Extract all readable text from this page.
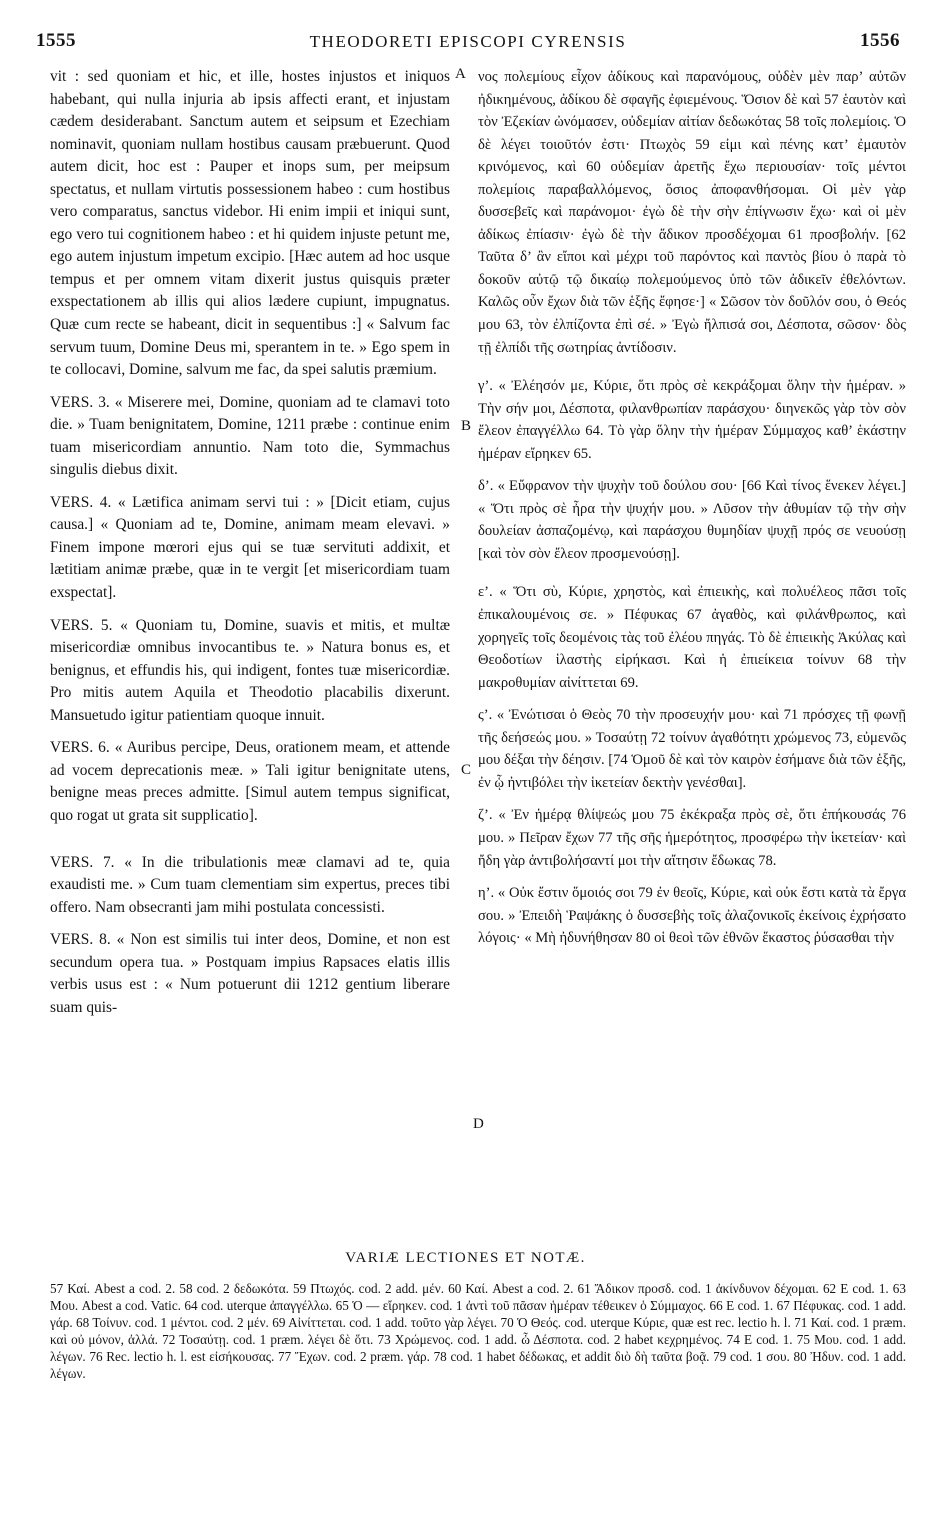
1555	THEODORETI EPISCOPI CYRENSIS	1556

vit : sed quoniam et hic, et ille, hostes injustos et iniquos habebant, qui nulla injuria ab ipsis affecti erant, et injustam cædem desiderabant. Sanctum autem et seipsum et Ezechiam nominavit, quoniam nullam hostibus causam præbuerunt. Quod autem dicit, hoc est : Pauper et inops sum, per meipsum spectatus, et nullam virtutis possessionem habeo : cum hostibus vero comparatus, sanctus videbor. Hi enim impii et iniqui sunt, ego vero tui cognitionem habeo : et hi quidem injuste petunt me, ego autem injustum impetum excipio. [Hæc autem ad hoc usque tempus et per omnem vitam dixerit justus quisquis præter exspectationem ab illis qui alios lædere cupiunt, impugnatus. Quæ cum recte se habeant, dicit in sequentibus :] « Salvum fac servum tuum, Domine Deus mi, sperantem in te. » Ego spem in te collocavi, Domine, salvum me fac, da spei salutis præmium.

VERS. 3. « Miserere mei, Domine, quoniam ad te clamavi toto die. » Tuam benignitatem, Domine, 1211 præbe : continue enim tuam misericordiam annuntio. Nam toto die, Symmachus singulis diebus dixit.

VERS. 4. « Lætifica animam servi tui : » [Dicit etiam, cujus causa.] « Quoniam ad te, Domine, animam meam elevavi. » Finem impone mœrori ejus qui se tuæ servituti addixit, et lætitiam animæ præbe, quæ in te vergit [et misericordiam tuam exspectat].

VERS. 5. « Quoniam tu, Domine, suavis et mitis, et multæ misericordiæ omnibus invocantibus te. » Natura bonus es, et benignus, et effundis his, qui indigent, fontes tuæ misericordiæ. Pro mitis autem Aquila et Theodotio placabilis dixerunt. Mansuetudo igitur patientiam quoque innuit.

VERS. 6. « Auribus percipe, Deus, orationem meam, et attende ad vocem deprecationis meæ. » Tali igitur benignitate utens, benigne meas preces admitte. [Simul autem tempus significat, quo rogat ut grata sit supplicatio].

VERS. 7. « In die tribulationis meæ clamavi ad te, quia exaudisti me. » Cum tuam clementiam sim expertus, preces tibi offero. Nam obsecranti jam mihi postulata concessisti.

VERS. 8. « Non est similis tui inter deos, Domine, et non est secundum opera tua. » Postquam impius Rapsaces elatis illis verbis usus est : « Num potuerunt dii 1212 gentium liberare suam quis-

A
B
C
D

νος πολεμίους εἶχον ἀδίκους καὶ παρανόμους, οὐδὲν μὲν παρ’ αὐτῶν ἠδικημένους, ἀδίκου δὲ σφαγῆς ἐφιεμένους. Ὅσιον δὲ καὶ 57 ἑαυτὸν καὶ τὸν Ἐζεκίαν ὠνόμασεν, οὐδεμίαν αἰτίαν δεδωκότας 58 τοῖς πολεμίοις. Ὁ δὲ λέγει τοιοῦτόν ἐστι· Πτωχὸς 59 εἰμι καὶ πένης κατ’ ἐμαυτὸν κρινόμενος, καὶ 60 οὐδεμίαν ἀρετῆς ἔχω περιουσίαν· τοῖς μέντοι πολεμίοις παραβαλλόμενος, ὅσιος ἀποφανθήσομαι. Οἱ μὲν γὰρ δυσσεβεῖς καὶ παράνομοι· ἐγὼ δὲ τὴν σὴν ἐπίγνωσιν ἔχω· καὶ οἱ μὲν ἀδίκως ἐπίασιν· ἐγὼ δὲ τὴν ἄδικον προσδέχομαι 61 προσβολήν. [62 Ταῦτα δ’ ἂν εἴποι καὶ μέχρι τοῦ παρόντος καὶ παντὸς βίου ὁ παρὰ τὸ δοκοῦν αὐτῷ τῷ δικαίῳ πολεμούμενος ὑπὸ τῶν ἀδικεῖν ἐθελόντων. Καλῶς οὖν ἔχων διὰ τῶν ἑξῆς ἔφησε·] « Σῶσον τὸν δοῦλόν σου, ὁ Θεός μου 63, τὸν ἐλπίζοντα ἐπὶ σέ. » Ἐγὼ ἤλπισά σοι, Δέσποτα, σῶσον· δὸς τῇ ἐλπίδι τῆς σωτηρίας ἀντίδοσιν.

γ’. « Ἐλέησόν με, Κύριε, ὅτι πρὸς σὲ κεκράξομαι ὅλην τὴν ἡμέραν. » Τὴν σήν μοι, Δέσποτα, φιλανθρωπίαν παράσχου· διηνεκῶς γὰρ τὸν σὸν ἔλεον ἐπαγγέλλω 64. Τὸ γὰρ ὅλην τὴν ἡμέραν Σύμμαχος καθ’ ἑκάστην ἡμέραν εἴρηκεν 65.

δ’. « Εὔφρανον τὴν ψυχὴν τοῦ δούλου σου· [66 Καὶ τίνος ἕνεκεν λέγει.] « Ὅτι πρὸς σὲ ἦρα τὴν ψυχήν μου. » Λῦσον τὴν ἀθυμίαν τῷ τὴν σὴν δουλείαν ἀσπαζομένῳ, καὶ παράσχου θυμηδίαν ψυχῇ πρός σε νευούσῃ [καὶ τὸν σὸν ἔλεον προσμενούσῃ].

ε’. « Ὅτι σὺ, Κύριε, χρηστὸς, καὶ ἐπιεικὴς, καὶ πολυέλεος πᾶσι τοῖς ἐπικαλουμένοις σε. » Πέφυκας 67 ἀγαθὸς, καὶ φιλάνθρωπος, καὶ χορηγεῖς τοῖς δεομένοις τὰς τοῦ ἐλέου πηγάς. Τὸ δὲ ἐπιεικὴς Ἀκύλας καὶ Θεοδοτίων ἱλαστὴς εἰρήκασι. Καὶ ἡ ἐπιείκεια τοίνυν 68 τὴν μακροθυμίαν αἰνίττεται 69.

ς’. « Ἐνώτισαι ὁ Θεὸς 70 τὴν προσευχήν μου· καὶ 71 πρόσχες τῇ φωνῇ τῆς δεήσεώς μου. » Τοσαύτῃ 72 τοίνυν ἀγαθότητι χρώμενος 73, εὐμενῶς μου δέξαι τὴν δέησιν. [74 Ὁμοῦ δὲ καὶ τὸν καιρὸν ἐσήμανε διὰ τῶν ἑξῆς, ἐν ᾧ ἠντιβόλει τὴν ἱκετείαν δεκτὴν γενέσθαι].

ζ’. « Ἐν ἡμέρᾳ θλίψεώς μου 75 ἐκέκραξα πρὸς σὲ, ὅτι ἐπήκουσάς 76 μου. » Πεῖραν ἔχων 77 τῆς σῆς ἡμερότητος, προσφέρω τὴν ἱκετείαν· καὶ ἤδη γὰρ ἀντιβολήσαντί μοι τὴν αἴτησιν ἔδωκας 78.

η’. « Οὐκ ἔστιν ὅμοιός σοι 79 ἐν θεοῖς, Κύριε, καὶ οὐκ ἔστι κατὰ τὰ ἔργα σου. » Ἐπειδὴ Ῥαψάκης ὁ δυσσεβὴς τοῖς ἀλαζονικοῖς ἐκείνοις ἐχρήσατο λόγοις· « Μὴ ἠδυνήθησαν 80 οἱ θεοὶ τῶν ἐθνῶν ἕκαστος ῥύσασθαι τὴν

VARIÆ LECTIONES ET NOTÆ.
57 Καί. Abest a cod. 2. 58 cod. 2 δεδωκότα. 59 Πτωχός. cod. 2 add. μέν. 60 Καί. Abest a cod. 2. 61 Ἄδικον προσδ. cod. 1 ἀκίνδυνον δέχομαι. 62 E cod. 1. 63 Μου. Abest a cod. Vatic. 64 cod. uterque ἀπαγγέλλω. 65 Ὁ — εἴρηκεν. cod. 1 ἀντὶ τοῦ πᾶσαν ἡμέραν τέθεικεν ὁ Σύμμαχος. 66 E cod. 1. 67 Πέφυκας. cod. 1 add. γάρ. 68 Τοίνυν. cod. 1 μέντοι. cod. 2 μέν. 69 Αἰνίττεται. cod. 1 add. τοῦτο γὰρ λέγει. 70 Ὁ Θεός. cod. uterque Κύριε, quæ est rec. lectio h. l. 71 Καί. cod. 1 præm. καὶ οὐ μόνον, ἀλλά. 72 Τοσαύτῃ. cod. 1 præm. λέγει δὲ ὅτι. 73 Χρώμενος. cod. 1 add. ὦ Δέσποτα. cod. 2 habet κεχρημένος. 74 E cod. 1. 75 Μου. cod. 1 add. λέγων. 76 Rec. lectio h. l. est εἰσήκουσας. 77 Ἔχων. cod. 2 præm. γάρ. 78 cod. 1 habet δέδωκας, et addit διὸ δὴ ταῦτα βοᾷ. 79 cod. 1 σου. 80 Ἠδυν. cod. 1 add. λέγων.
